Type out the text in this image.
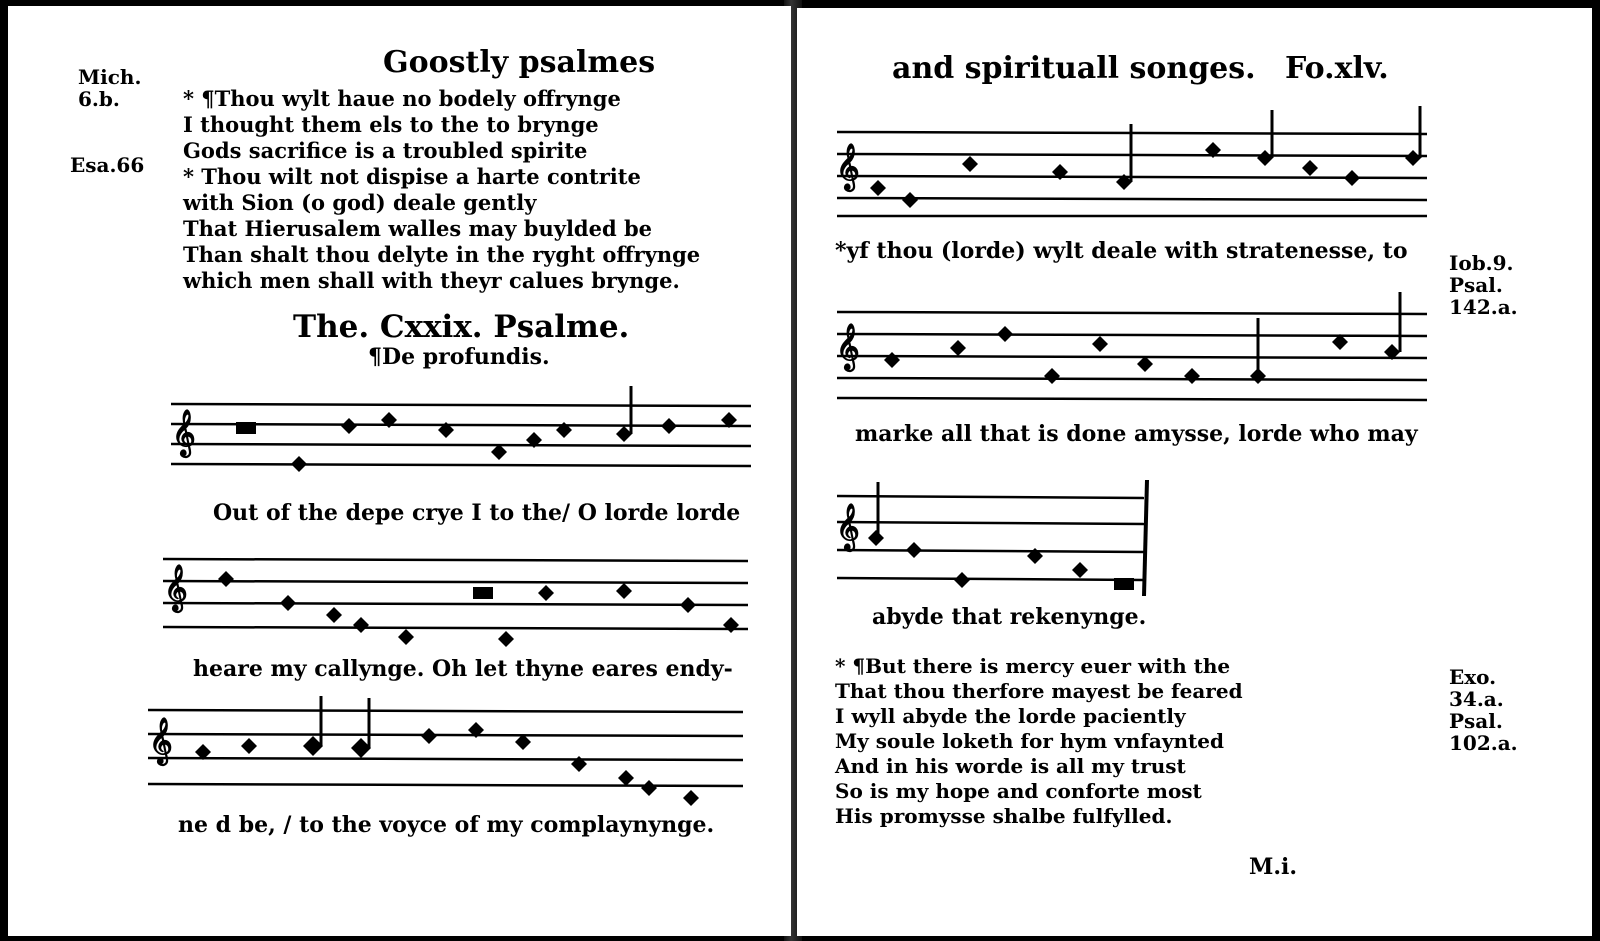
Goostly psalmes
Mich.
6.b.
Esa.66
* ¶Thou wylt haue no bodely offrynge
I thought them els to the to brynge
Gods sacrifice is a troubled spirite
* Thou wilt not dispise a harte contrite
with Sion (o god) deale gently
That Hierusalem walles may buylded be
Than shalt thou delyte in the ryght offrynge
which men shall with theyr calues brynge.
The. Cxxix. Psalme.
¶De profundis.
𝄞
Out of the depe crye I to the/ O lorde lorde
𝄞
heare my callynge. Oh let thyne eares endy-
𝄞
ne d be, / to the voyce of my complaynynge.
and spirituall songes. Fo.xlv.
𝄞
*yf thou (lorde) wylt deale with stratenesse, to Iob.9.
Psal.
142.a.
𝄞
marke all that is done amysse, lorde who may
𝄞
abyde that rekenynge.
* ¶But there is mercy euer with the
That thou therfore mayest be feared
I wyll abyde the lorde paciently
My soule loketh for hym vnfaynted
And in his worde is all my trust
So is my hope and conforte most
His promysse shalbe fulfylled.
Exo.
34.a.
Psal.
102.a.
M.i.
